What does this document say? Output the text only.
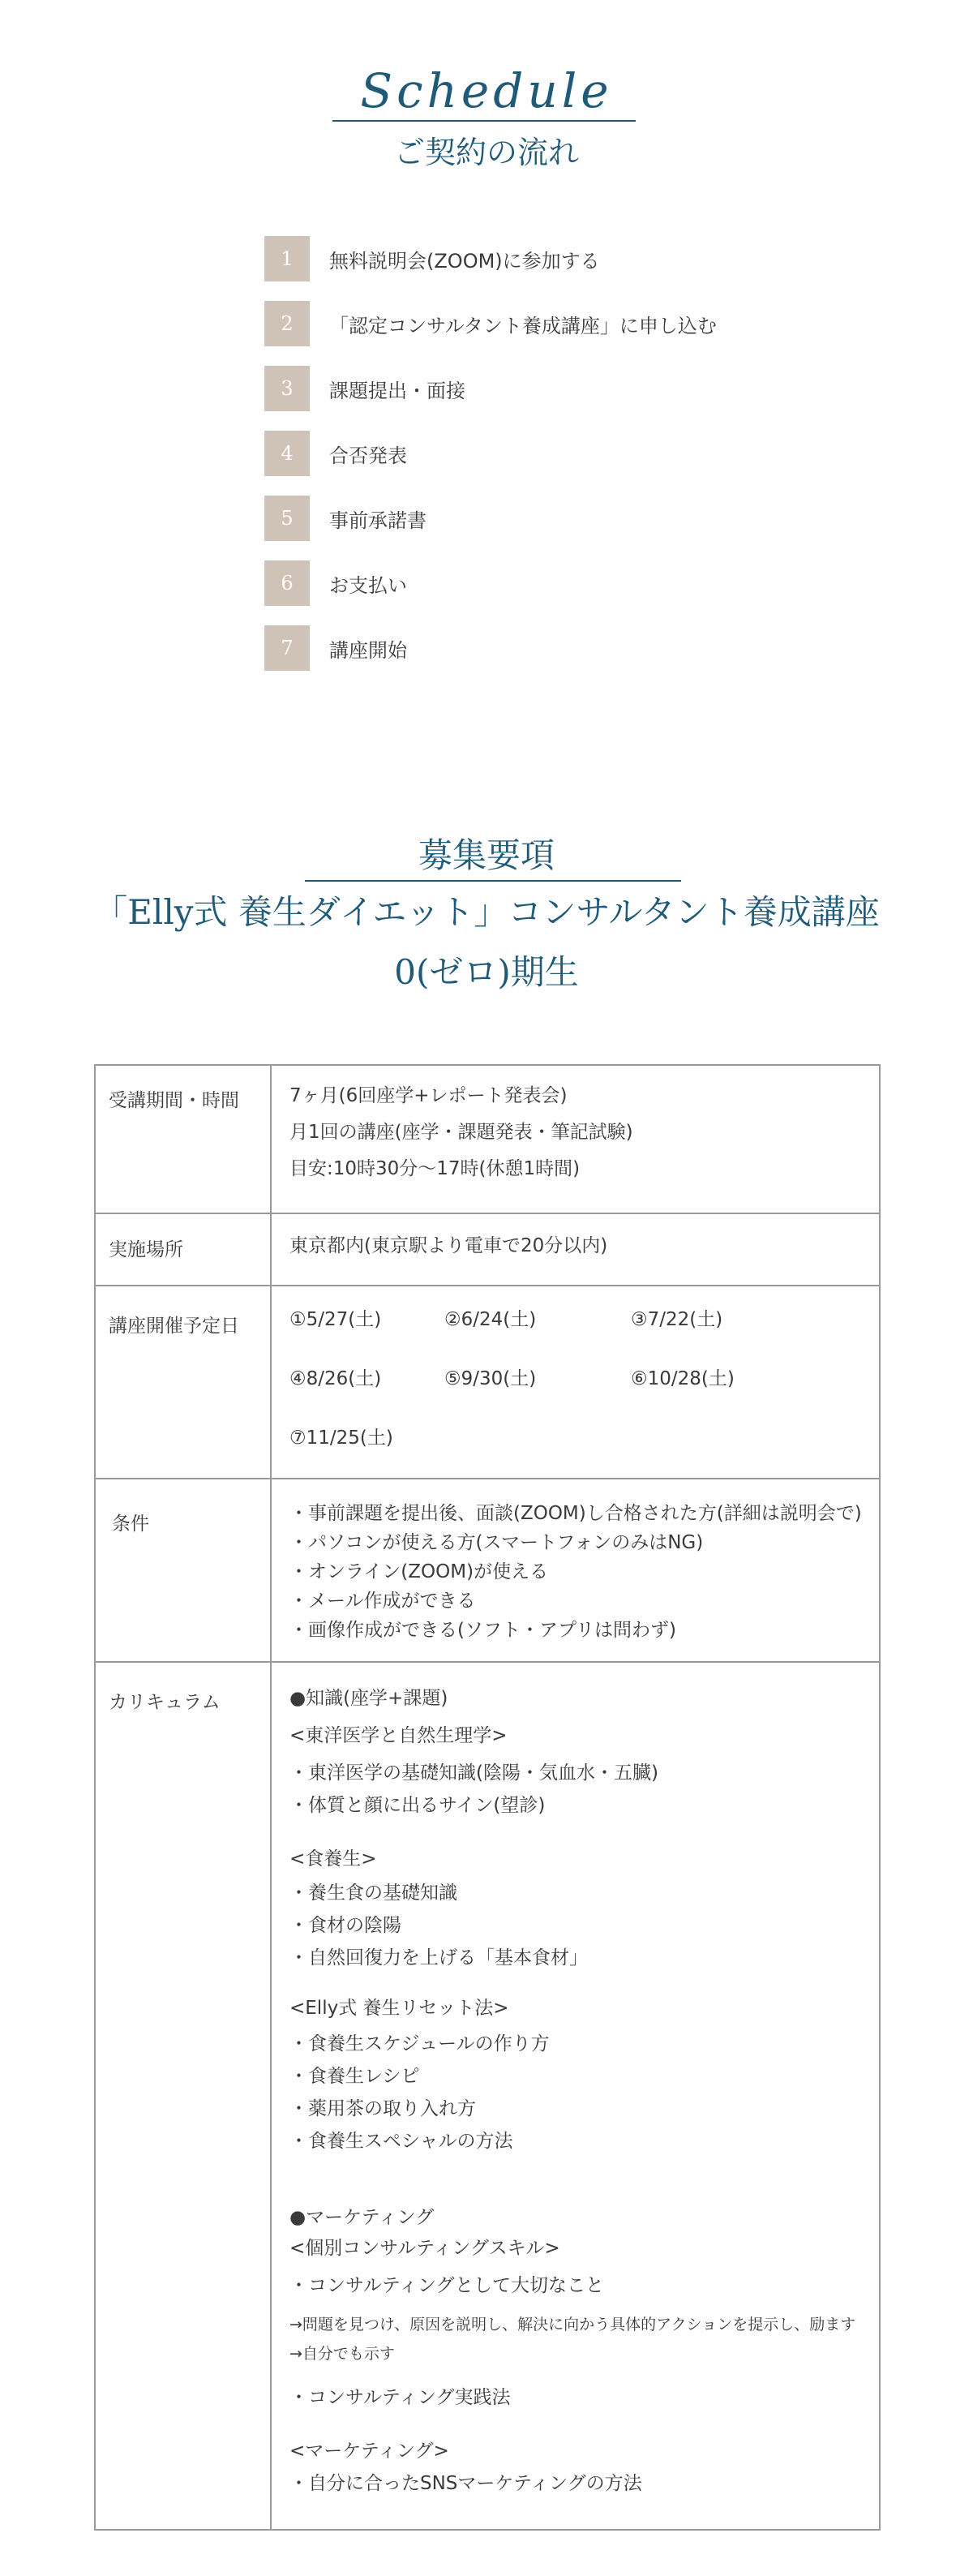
Schedule
ご契約の流れ
1	無料説明会(ZOOM)に参加する
2	「認定コンサルタント養成講座」に申し込む
3	課題提出・面接
4	合否発表
5	事前承諾書
6	お支払い
7	講座開始
募集要項
「Elly式 養生ダイエット」コンサルタント養成講座
0(ゼロ)期生
受講期間・時間	7ヶ月(6回座学+レポート発表会)
月1回の講座(座学・課題発表・筆記試験)
目安:10時30分〜17時(休憩1時間)
実施場所	東京都内(東京駅より電車で20分以内)
講座開催予定日	①5/27(土)	②6/24(土)	③7/22(土)
④8/26(土)	⑤9/30(土)	⑥10/28(土)
⑦11/25(土)
条件	・事前課題を提出後、面談(ZOOM)し合格された方(詳細は説明会で)
・パソコンが使える方(スマートフォンのみはNG)
・オンライン(ZOOM)が使える
・メール作成ができる
・画像作成ができる(ソフト・アプリは問わず)
カリキュラム	●知識(座学+課題)
<東洋医学と自然生理学>
・東洋医学の基礎知識(陰陽・気血水・五臓)
・体質と顔に出るサイン(望診)
<食養生>
・養生食の基礎知識
・食材の陰陽
・自然回復力を上げる「基本食材」
<Elly式 養生リセット法>
・食養生スケジュールの作り方
・食養生レシピ
・薬用茶の取り入れ方
・食養生スペシャルの方法
●マーケティング
<個別コンサルティングスキル>
・コンサルティングとして大切なこと
→問題を見つけ、原因を説明し、解決に向かう具体的アクションを提示し、励ます
→自分でも示す
・コンサルティング実践法
<マーケティング>
・自分に合ったSNSマーケティングの方法
